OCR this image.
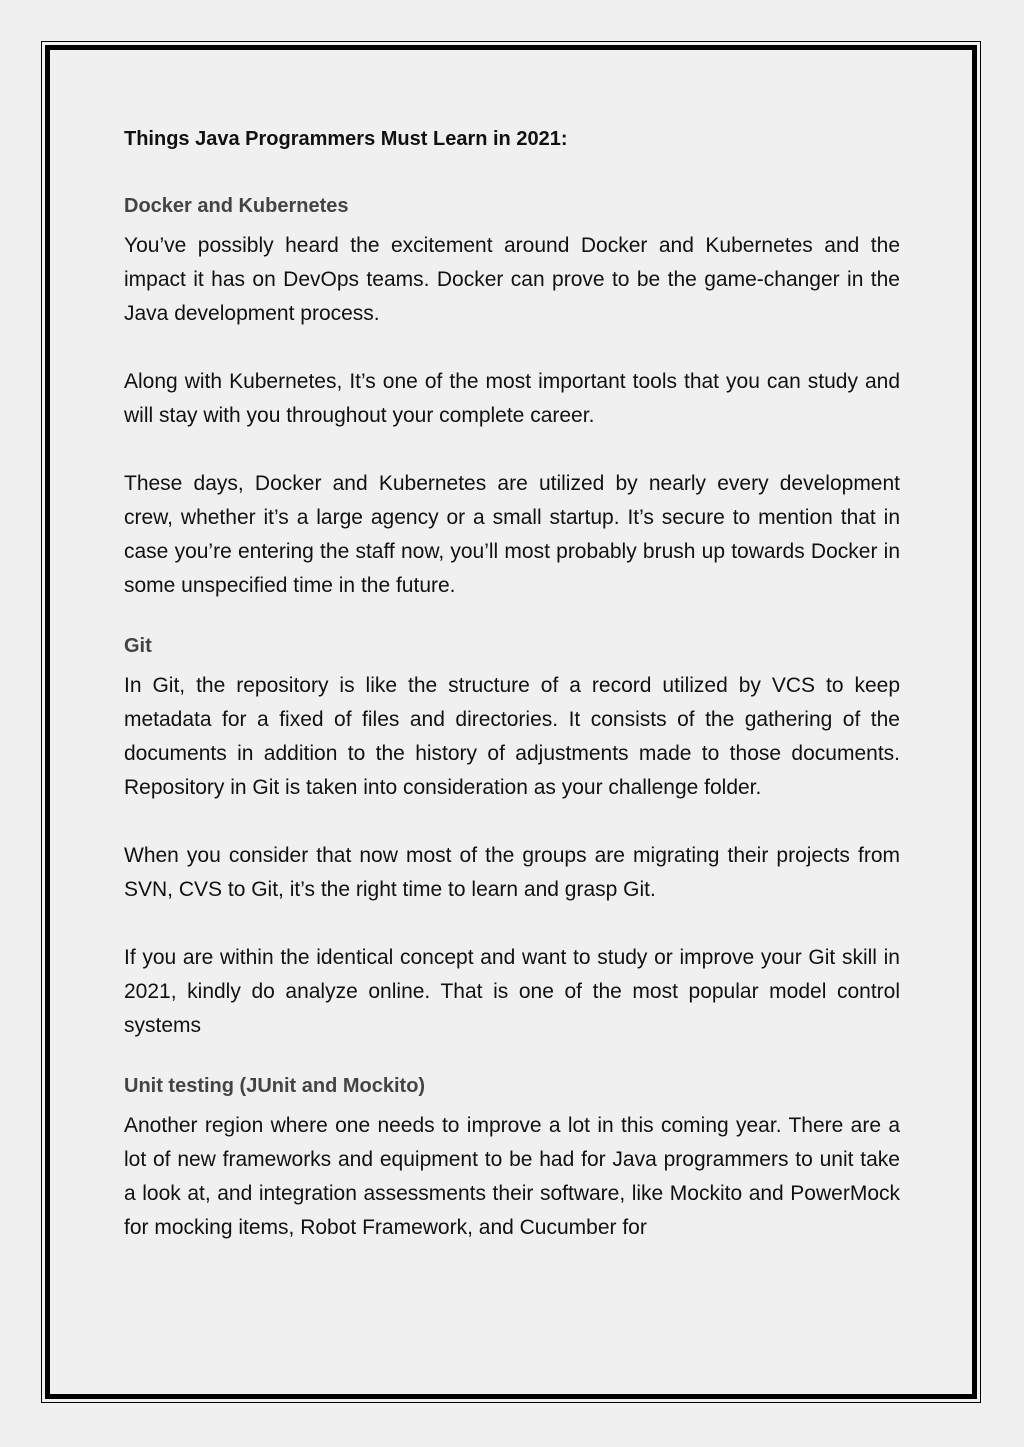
Things Java Programmers Must Learn in 2021:
Docker and Kubernetes

You’ve possibly heard the excitement around Docker and Kubernetes and the impact it has on DevOps teams. Docker can prove to be the game-changer in the Java development process.

Along with Kubernetes, It’s one of the most important tools that you can study and will stay with you throughout your complete career.

These days, Docker and Kubernetes are utilized by nearly every development crew, whether it’s a large agency or a small startup. It’s secure to mention that in case you’re entering the staff now, you’ll most probably brush up towards Docker in some unspecified time in the future.

Git

In Git, the repository is like the structure of a record utilized by VCS to keep metadata for a fixed of files and directories. It consists of the gathering of the documents in addition to the history of adjustments made to those documents. Repository in Git is taken into consideration as your challenge folder.

When you consider that now most of the groups are migrating their projects from SVN, CVS to Git, it’s the right time to learn and grasp Git.

If you are within the identical concept and want to study or improve your Git skill in 2021, kindly do analyze online. That is one of the most popular model control systems

Unit testing (JUnit and Mockito)

Another region where one needs to improve a lot in this coming year. There are a lot of new frameworks and equipment to be had for Java programmers to unit take a look at, and integration assessments their software, like Mockito and PowerMock for mocking items, Robot Framework, and Cucumber for
